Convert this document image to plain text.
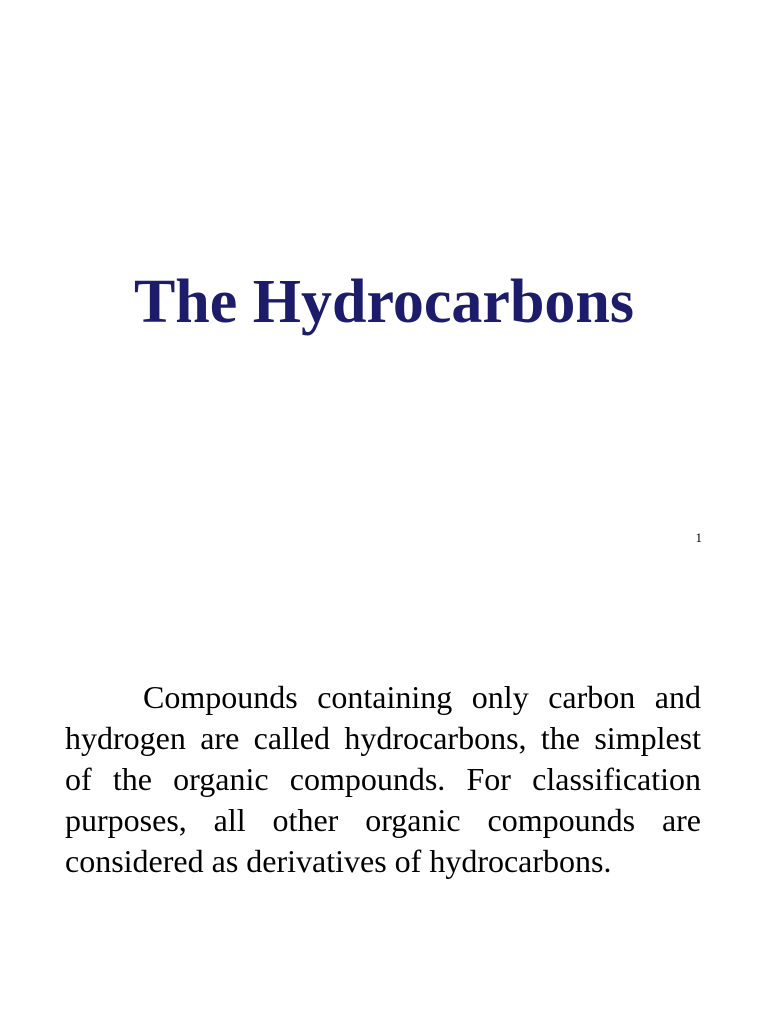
The Hydrocarbons
1

Compounds containing only carbon and hydrogen are called hydrocarbons, the simplest of the organic compounds. For classification purposes, all other organic compounds are considered as derivatives of hydrocarbons.
